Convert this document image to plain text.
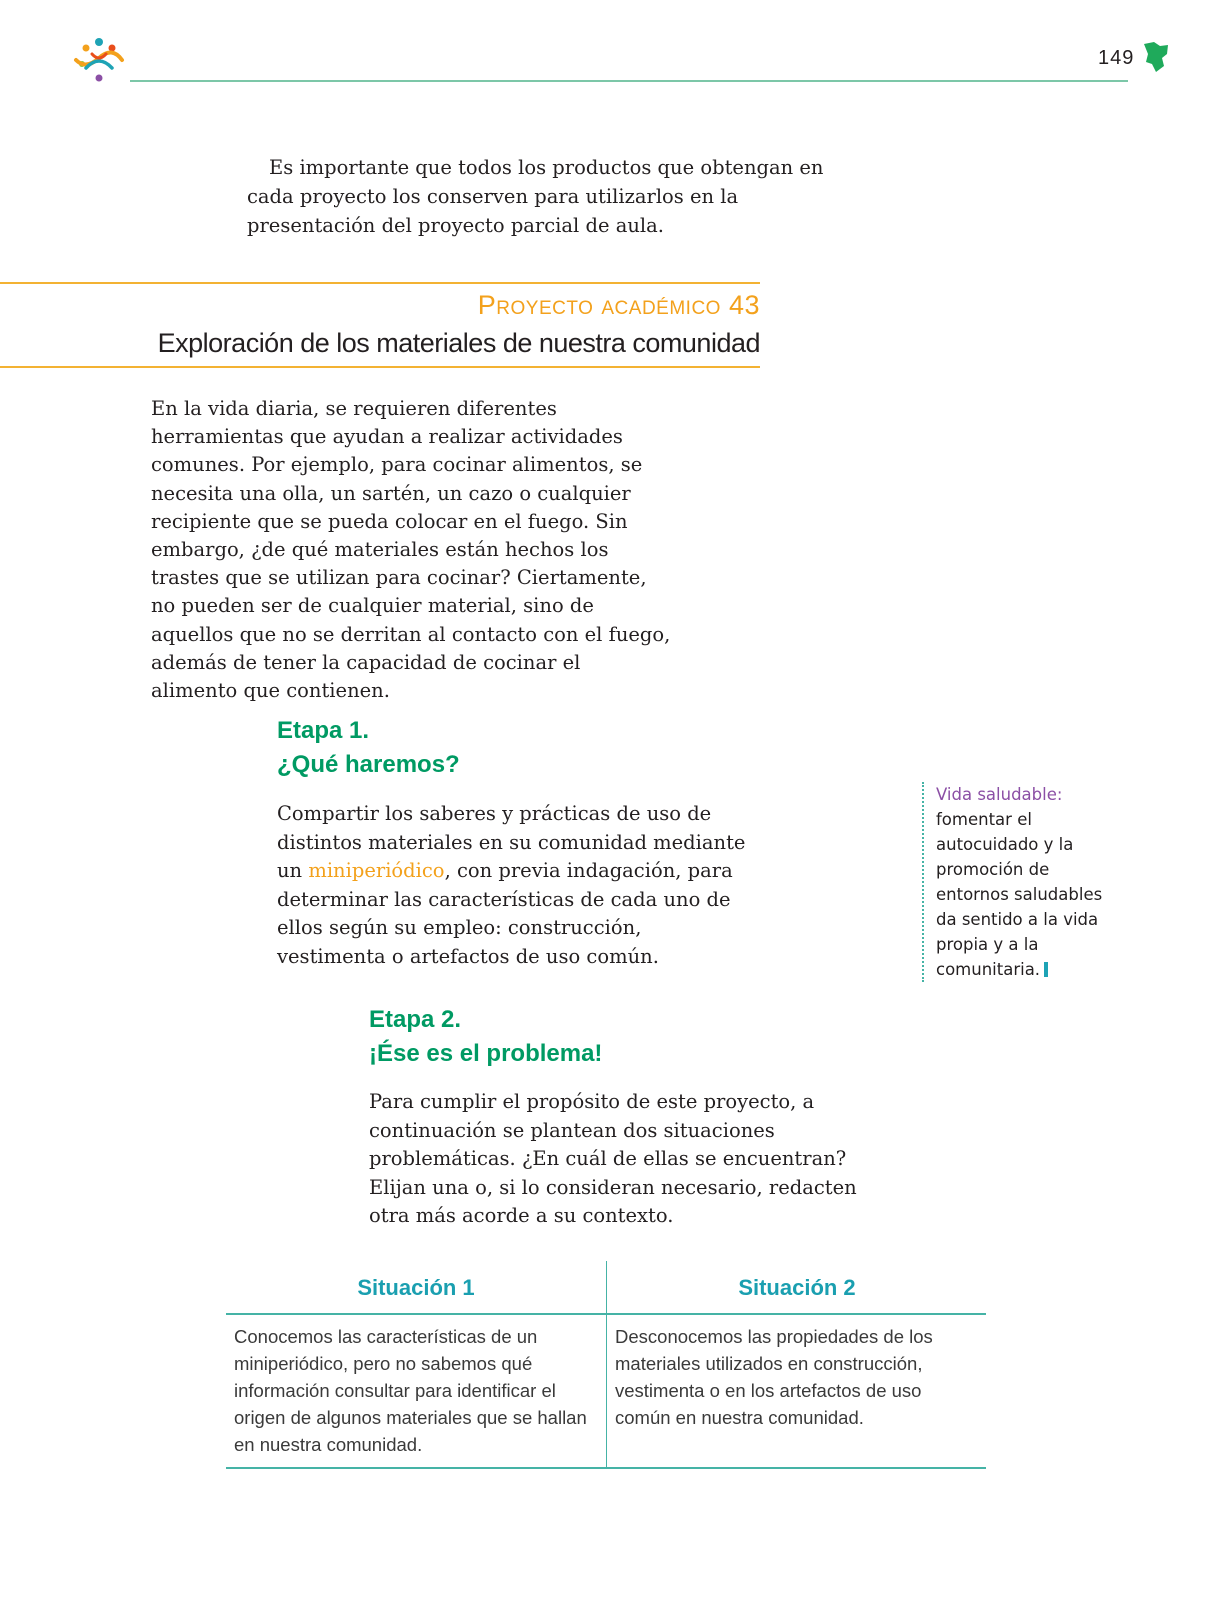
149

Es importante que todos los productos que obtengan en cada proyecto los conserven para utilizarlos en la presentación del proyecto parcial de aula.

Proyecto académico 43
Exploración de los materiales de nuestra comunidad

En la vida diaria, se requieren diferentes herramientas que ayudan a realizar actividades comunes. Por ejemplo, para cocinar alimentos, se necesita una olla, un sartén, un cazo o cualquier recipiente que se pueda colocar en el fuego. Sin embargo, ¿de qué materiales están hechos los trastes que se utilizan para cocinar? Ciertamente, no pueden ser de cualquier material, sino de aquellos que no se derritan al contacto con el fuego, además de tener la capacidad de cocinar el alimento que contienen.

Etapa 1.
¿Qué haremos?

Compartir los saberes y prácticas de uso de distintos materiales en su comunidad mediante un miniperiódico, con previa indagación, para determinar las características de cada uno de ellos según su empleo: construcción, vestimenta o artefactos de uso común.

Vida saludable:
fomentar el autocuidado y la promoción de entornos saludables da sentido a la vida propia y a la comunitaria.
Etapa 2.
¡Ése es el problema!

Para cumplir el propósito de este proyecto, a continuación se plantean dos situaciones problemáticas. ¿En cuál de ellas se encuentran? Elijan una o, si lo consideran necesario, redacten otra más acorde a su contexto.

Situación 1

Conocemos las características de un miniperiódico, pero no sabemos qué información consultar para identificar el origen de algunos materiales que se hallan en nuestra comunidad.

Situación 2

Desconocemos las propiedades de los materiales utilizados en construcción, vestimenta o en los artefactos de uso común en nuestra comunidad.
